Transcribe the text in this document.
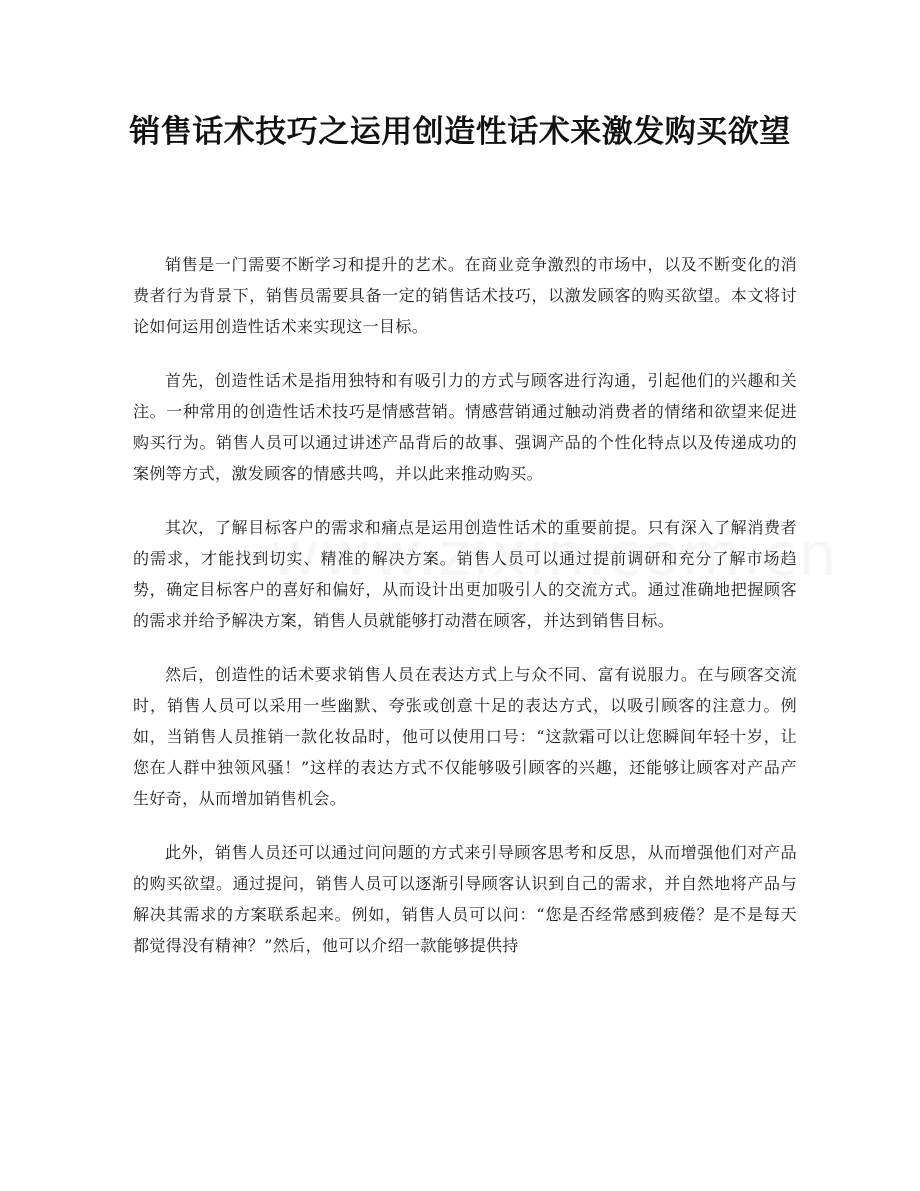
销售话术技巧之运用创造性话术来激发购买欲望

销售是一门需要不断学习和提升的艺术。在商业竞争激烈的市场中，以及不断变化的消费者行为背景下，销售员需要具备一定的销售话术技巧，以激发顾客的购买欲望。本文将讨论如何运用创造性话术来实现这一目标。

首先，创造性话术是指用独特和有吸引力的方式与顾客进行沟通，引起他们的兴趣和关注。一种常用的创造性话术技巧是情感营销。情感营销通过触动消费者的情绪和欲望来促进购买行为。销售人员可以通过讲述产品背后的故事、强调产品的个性化特点以及传递成功的案例等方式，激发顾客的情感共鸣，并以此来推动购买。

其次，了解目标客户的需求和痛点是运用创造性话术的重要前提。只有深入了解消费者的需求，才能找到切实、精准的解决方案。销售人员可以通过提前调研和充分了解市场趋势，确定目标客户的喜好和偏好，从而设计出更加吸引人的交流方式。通过准确地把握顾客的需求并给予解决方案，销售人员就能够打动潜在顾客，并达到销售目标。

然后，创造性的话术要求销售人员在表达方式上与众不同、富有说服力。在与顾客交流时，销售人员可以采用一些幽默、夸张或创意十足的表达方式，以吸引顾客的注意力。例如，当销售人员推销一款化妆品时，他可以使用口号：“这款霜可以让您瞬间年轻十岁，让您在人群中独领风骚！”这样的表达方式不仅能够吸引顾客的兴趣，还能够让顾客对产品产生好奇，从而增加销售机会。

此外，销售人员还可以通过问问题的方式来引导顾客思考和反思，从而增强他们对产品的购买欲望。通过提问，销售人员可以逐渐引导顾客认识到自己的需求，并自然地将产品与解决其需求的方案联系起来。例如，销售人员可以问：“您是否经常感到疲倦？是不是每天都觉得没有精神？”然后，他可以介绍一款能够提供持
